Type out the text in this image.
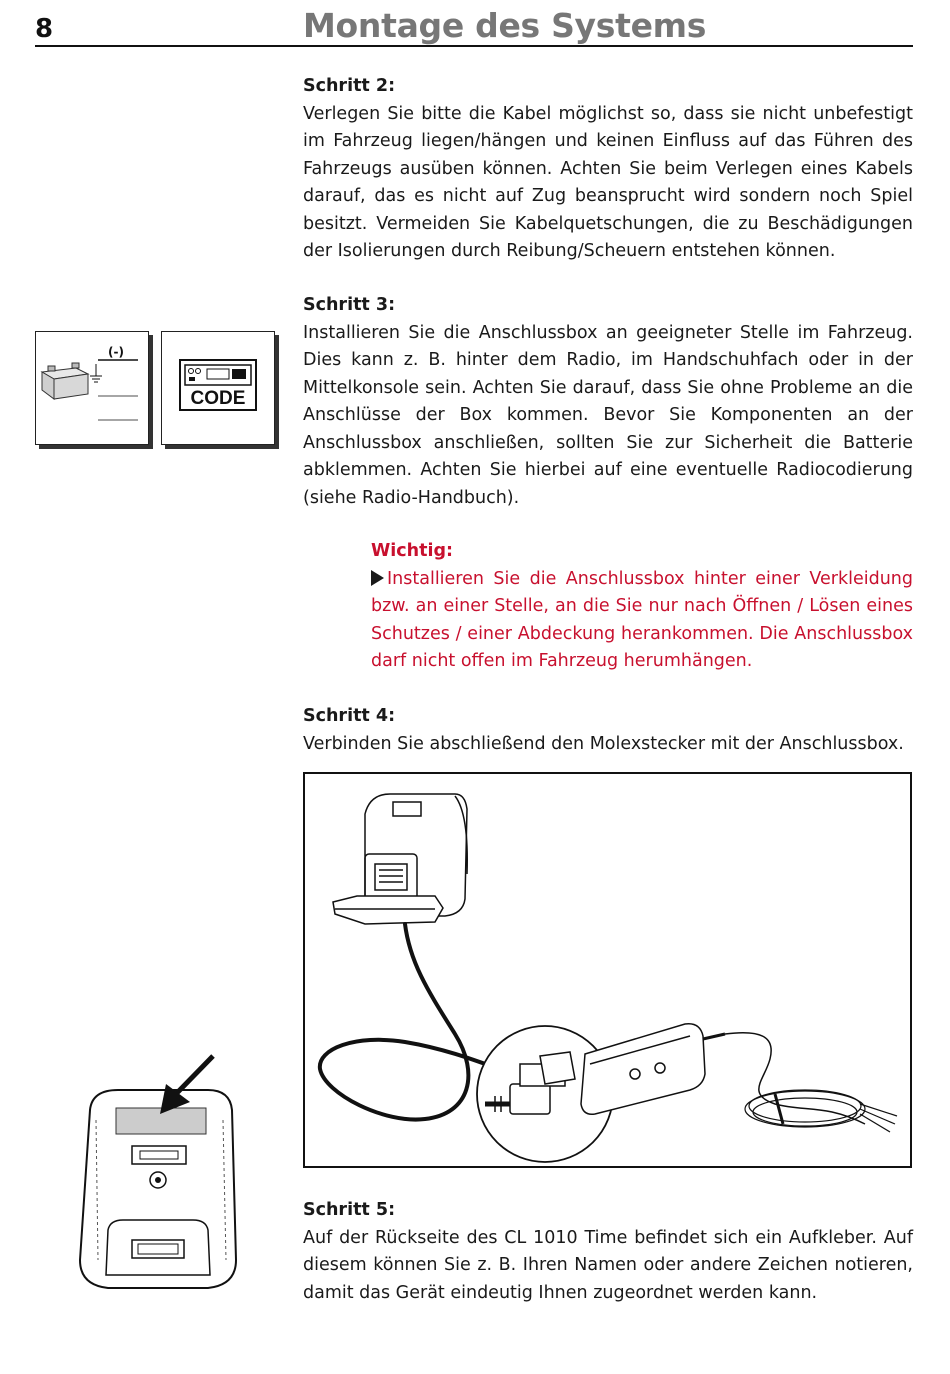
8	Montage des Systems

Schritt 2:

Verlegen Sie bitte die Kabel möglichst so, dass sie nicht unbefestigt im Fahrzeug liegen/hängen und keinen Einfluss auf das Führen des Fahrzeugs ausüben können. Achten Sie beim Verlegen eines Kabels darauf, das es nicht auf Zug beansprucht wird sondern noch Spiel besitzt. Vermeiden Sie Kabelquetschungen, die zu Beschädigungen der Isolierungen durch Reibung/Scheuern entstehen können.

(-)
CODE

Schritt 3:

Installieren Sie die Anschlussbox an geeigneter Stelle im Fahrzeug. Dies kann z. B. hinter dem Radio, im Handschuhfach oder in der Mittelkonsole sein. Achten Sie darauf, dass Sie ohne Probleme an die Anschlüsse der Box kommen. Bevor Sie Komponenten an der Anschlussbox anschließen, sollten Sie zur Sicherheit die Batterie abklemmen. Achten Sie hierbei auf eine eventuelle Radiocodierung (siehe Radio-Handbuch).

Wichtig:

Installieren Sie die Anschlussbox hinter einer Verkleidung bzw. an einer Stelle, an die Sie nur nach Öffnen / Lösen eines Schutzes / einer Abdeckung herankommen. Die Anschlussbox darf nicht offen im Fahrzeug herumhängen.

Schritt 4:

Verbinden Sie abschließend den Molexstecker mit der Anschlussbox.

Schritt 5:

Auf der Rückseite des CL 1010 Time befindet sich ein Aufkleber. Auf diesem können Sie z. B. Ihren Namen oder andere Zeichen notieren, damit das Gerät eindeutig Ihnen zugeordnet werden kann.
